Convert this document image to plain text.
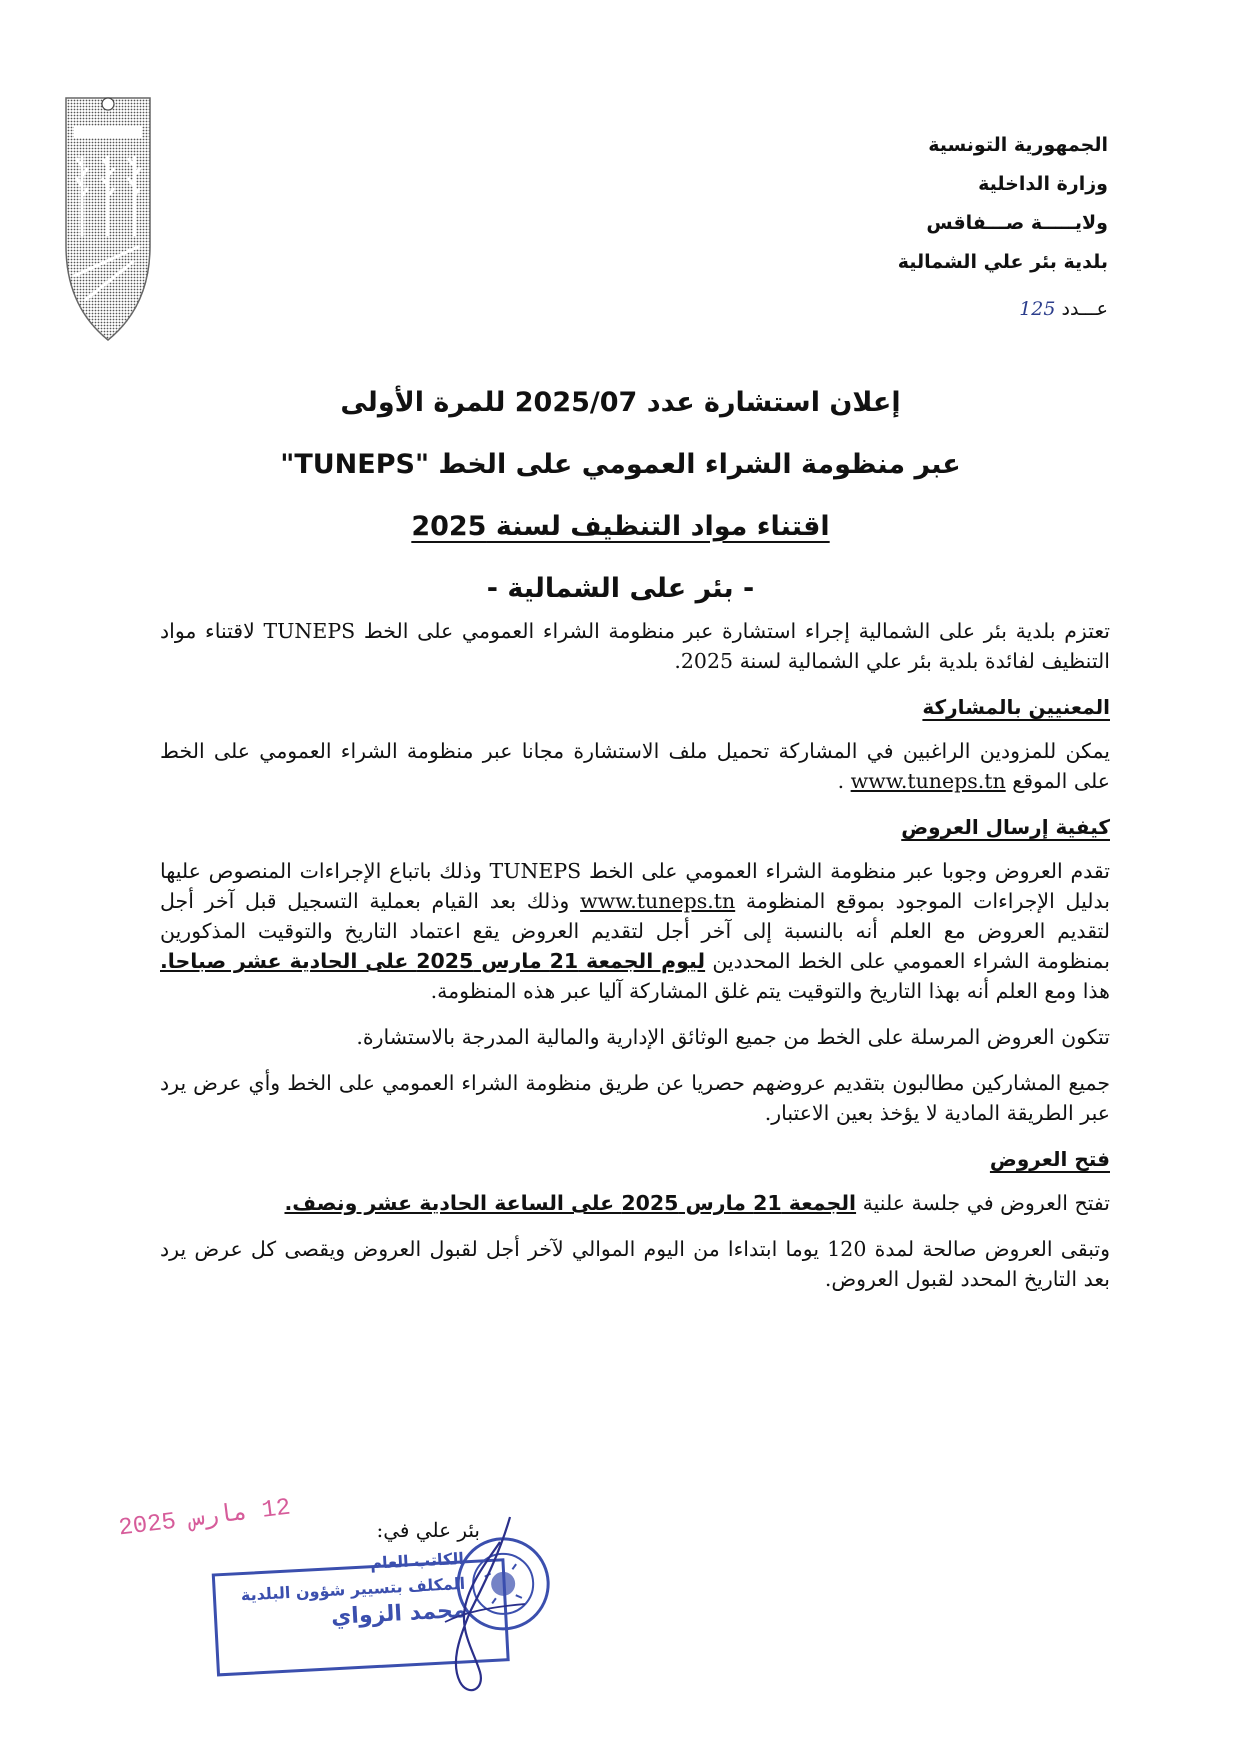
الجمهورية التونسية
وزارة الداخلية
ولايـــــة صـــفاقس
بلدية بئر علي الشمالية
عـــدد 125
إعلان استشارة عدد 2025/07 للمرة الأولى
عبر منظومة الشراء العمومي على الخط "TUNEPS"
اقتناء مواد التنظيف لسنة 2025
- بئر على الشمالية -

تعتزم بلدية بئر على الشمالية إجراء استشارة عبر منظومة الشراء العمومي على الخط TUNEPS لاقتناء مواد التنظيف لفائدة بلدية بئر علي الشمالية لسنة 2025.

المعنيين بالمشاركة

يمكن للمزودين الراغبين في المشاركة تحميل ملف الاستشارة مجانا عبر منظومة الشراء العمومي على الخط على الموقع www.tuneps.tn .

كيفية إرسال العروض

تقدم العروض وجوبا عبر منظومة الشراء العمومي على الخط TUNEPS وذلك باتباع الإجراءات المنصوص عليها بدليل الإجراءات الموجود بموقع المنظومة www.tuneps.tn وذلك بعد القيام بعملية التسجيل قبل آخر أجل لتقديم العروض مع العلم أنه بالنسبة إلى آخر أجل لتقديم العروض يقع اعتماد التاريخ والتوقيت المذكورين بمنظومة الشراء العمومي على الخط المحددين ليوم الجمعة 21 مارس 2025 على الحادية عشر صباحا. هذا ومع العلم أنه بهذا التاريخ والتوقيت يتم غلق المشاركة آليا عبر هذه المنظومة.

تتكون العروض المرسلة على الخط من جميع الوثائق الإدارية والمالية المدرجة بالاستشارة.

جميع المشاركين مطالبون بتقديم عروضهم حصريا عن طريق منظومة الشراء العمومي على الخط وأي عرض يرد عبر الطريقة المادية لا يؤخذ بعين الاعتبار.

فتح العروض

تفتح العروض في جلسة علنية الجمعة 21 مارس 2025 على الساعة الحادية عشر ونصف.

وتبقى العروض صالحة لمدة 120 يوما ابتداءا من اليوم الموالي لآخر أجل لقبول العروض ويقصى كل عرض يرد بعد التاريخ المحدد لقبول العروض.

بئر علي في:
12 مارس 2025
الكاتب العام
المكلف بتسيير شؤون البلدية
محمد الزواي
